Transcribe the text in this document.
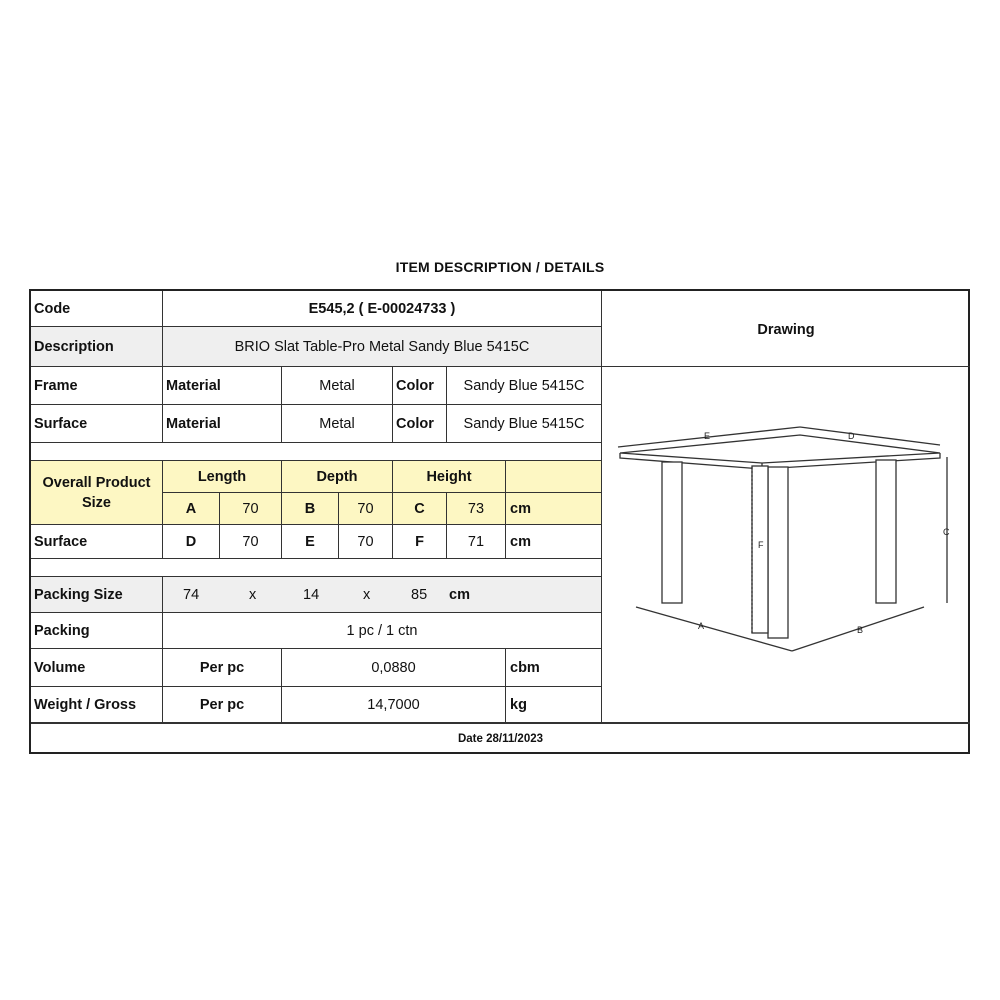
ITEM DESCRIPTION / DETAILS
Code	E545,2 ( E-00024733 )
Description	BRIO Slat Table-Pro Metal Sandy Blue 5415C
Drawing
Frame	Material	Metal	Color	Sandy Blue 5415C
Surface	Material	Metal	Color	Sandy Blue 5415C
Overall Product Size
Length	Depth	Height
A	70	B	70	C	73	cm
Surface	D	70	E	70	F	71	cm
Packing Size	74	x	14	x	85 cm
Packing	1 pc / 1 ctn
Volume	Per pc	0,0880	cbm
Weight / Gross	Per pc	14,7000	kg
E	D
C
F
A	B
Date 28/11/2023
